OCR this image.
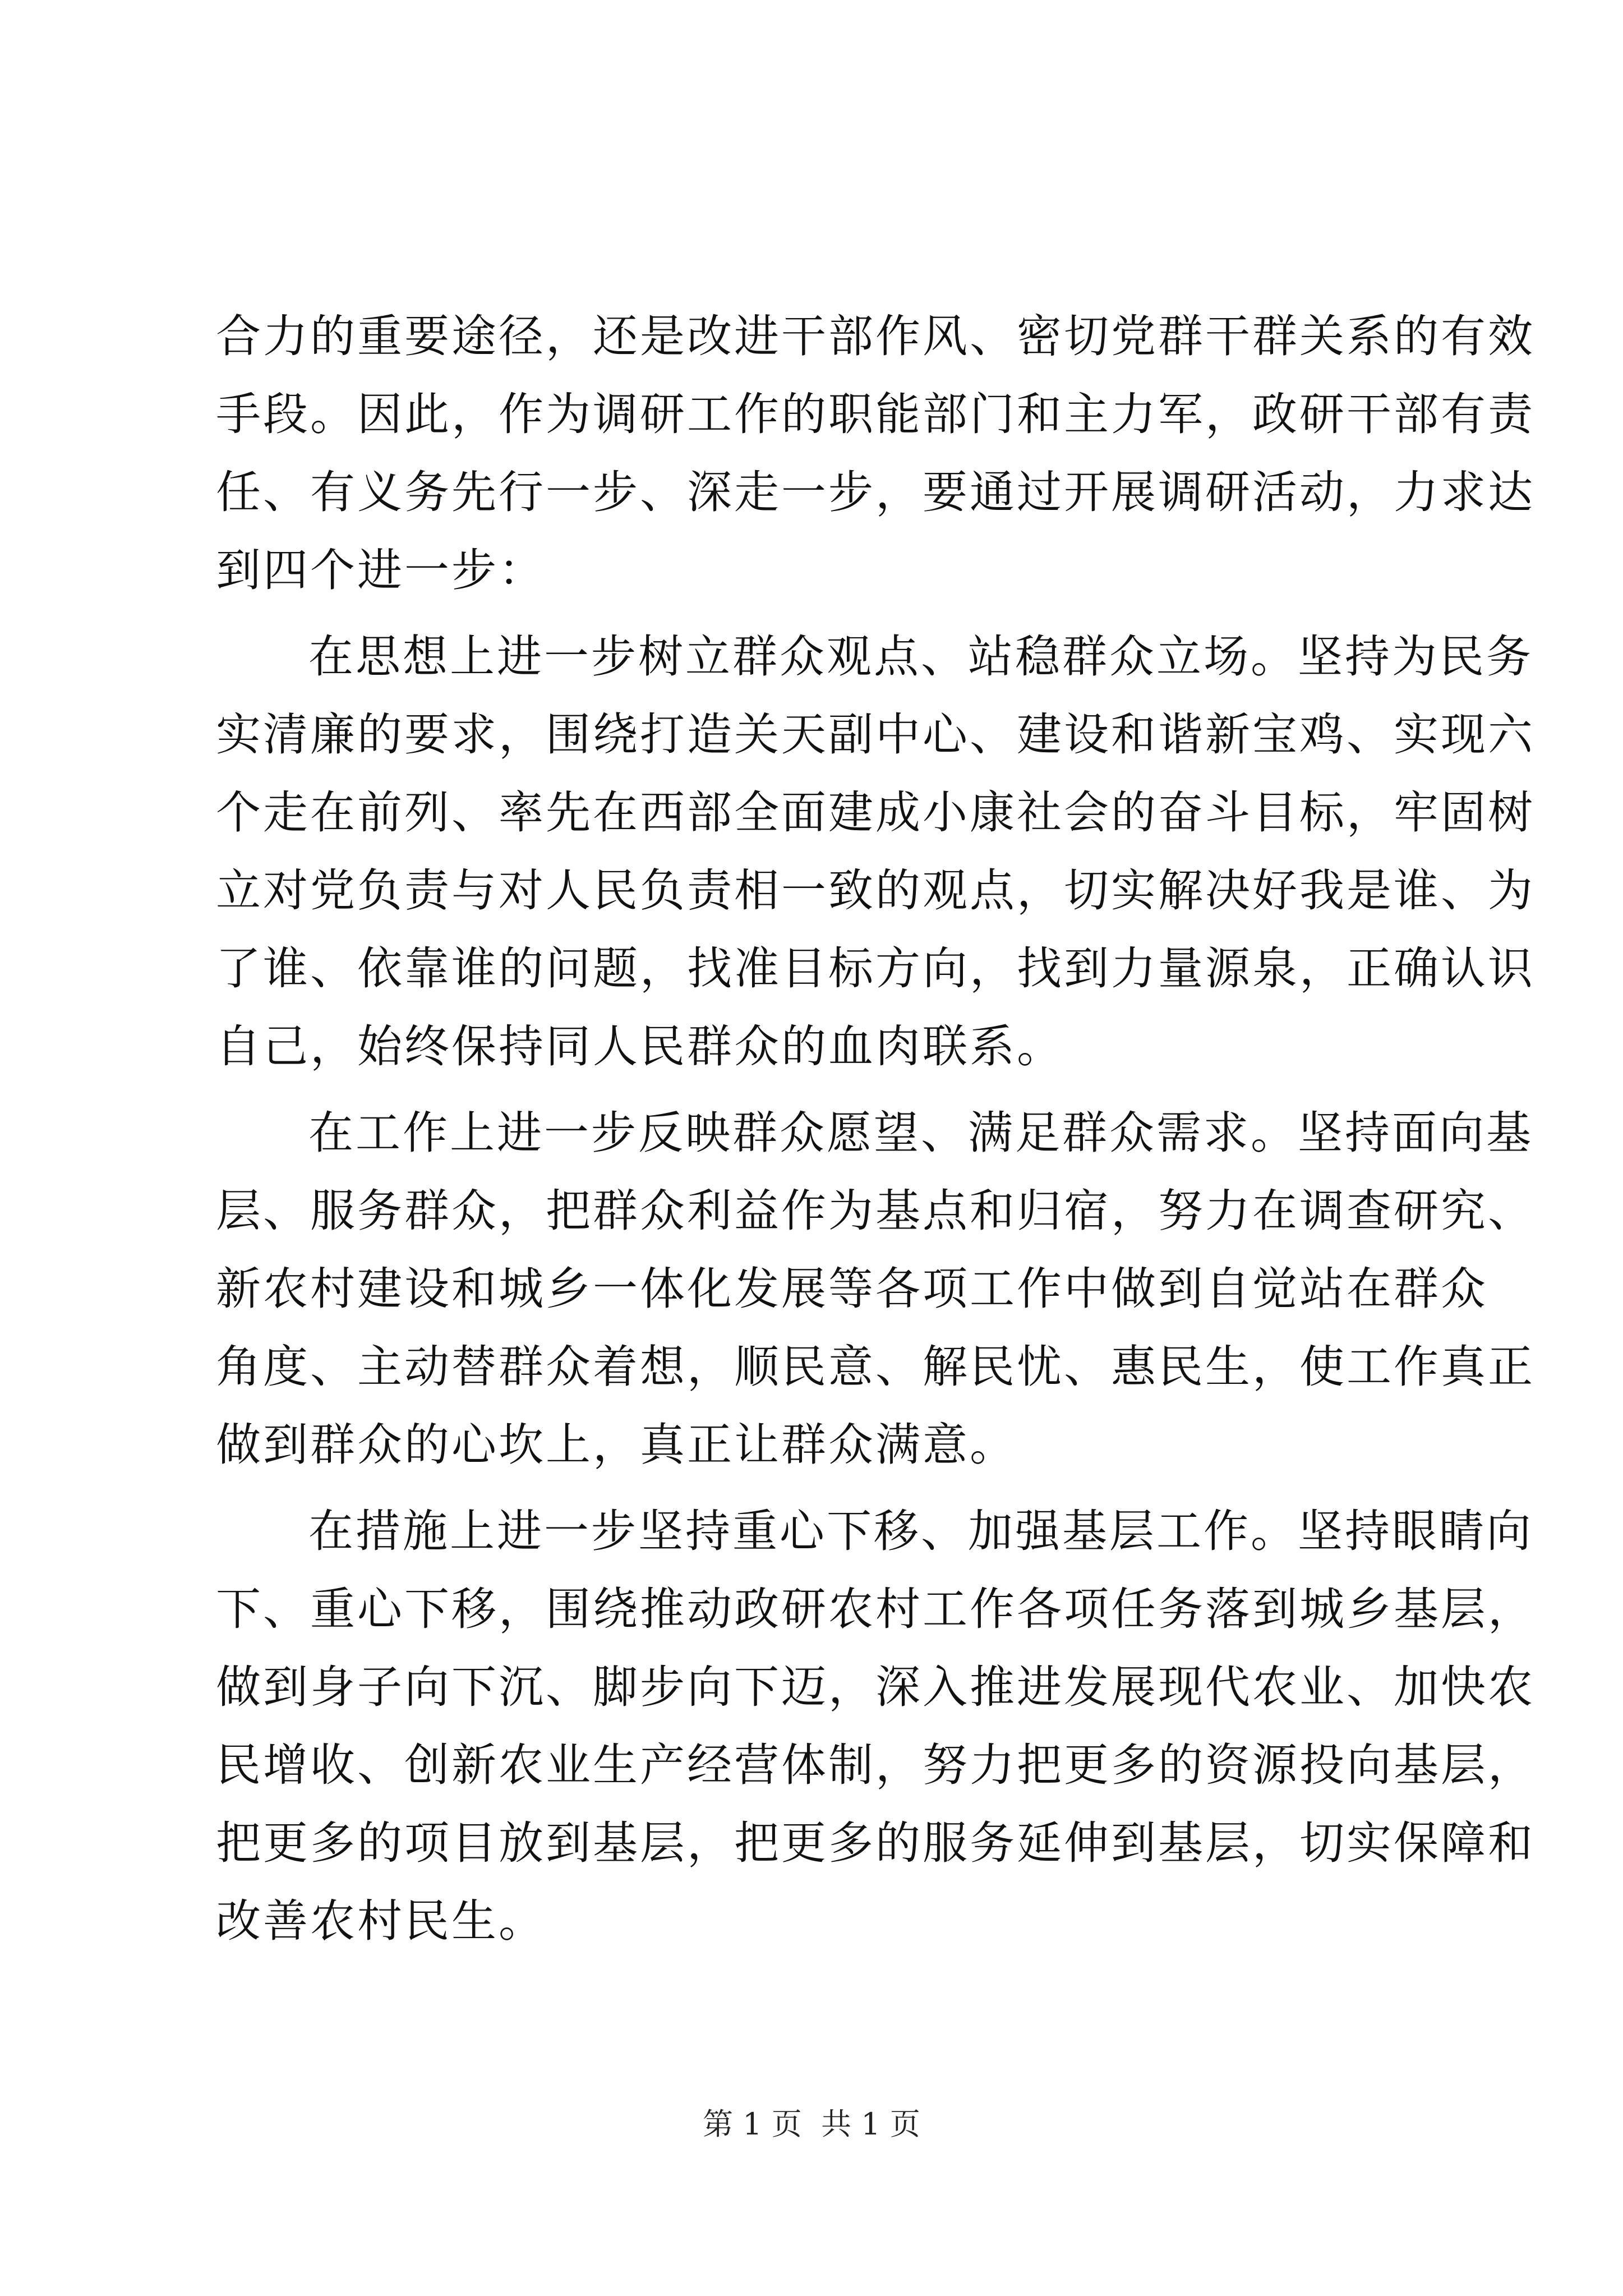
合力的重要途径，还是改进干部作风、密切党群干群关系的有效
手段。因此，作为调研工作的职能部门和主力军，政研干部有责
任、有义务先行一步、深走一步，要通过开展调研活动，力求达
到四个进一步：
在思想上进一步树立群众观点、站稳群众立场。坚持为民务
实清廉的要求，围绕打造关天副中心、建设和谐新宝鸡、实现六
个走在前列、率先在西部全面建成小康社会的奋斗目标，牢固树
立对党负责与对人民负责相一致的观点，切实解决好我是谁、为
了谁、依靠谁的问题，找准目标方向，找到力量源泉，正确认识
自己，始终保持同人民群众的血肉联系。
在工作上进一步反映群众愿望、满足群众需求。坚持面向基
层、服务群众，把群众利益作为基点和归宿，努力在调查研究、
新农村建设和城乡一体化发展等各项工作中做到自觉站在群众
角度、主动替群众着想，顺民意、解民忧、惠民生，使工作真正
做到群众的心坎上，真正让群众满意。
在措施上进一步坚持重心下移、加强基层工作。坚持眼睛向
下、重心下移，围绕推动政研农村工作各项任务落到城乡基层，
做到身子向下沉、脚步向下迈，深入推进发展现代农业、加快农
民增收、创新农业生产经营体制，努力把更多的资源投向基层，
把更多的项目放到基层，把更多的服务延伸到基层，切实保障和
改善农村民生。
第 1 页  共 1 页
